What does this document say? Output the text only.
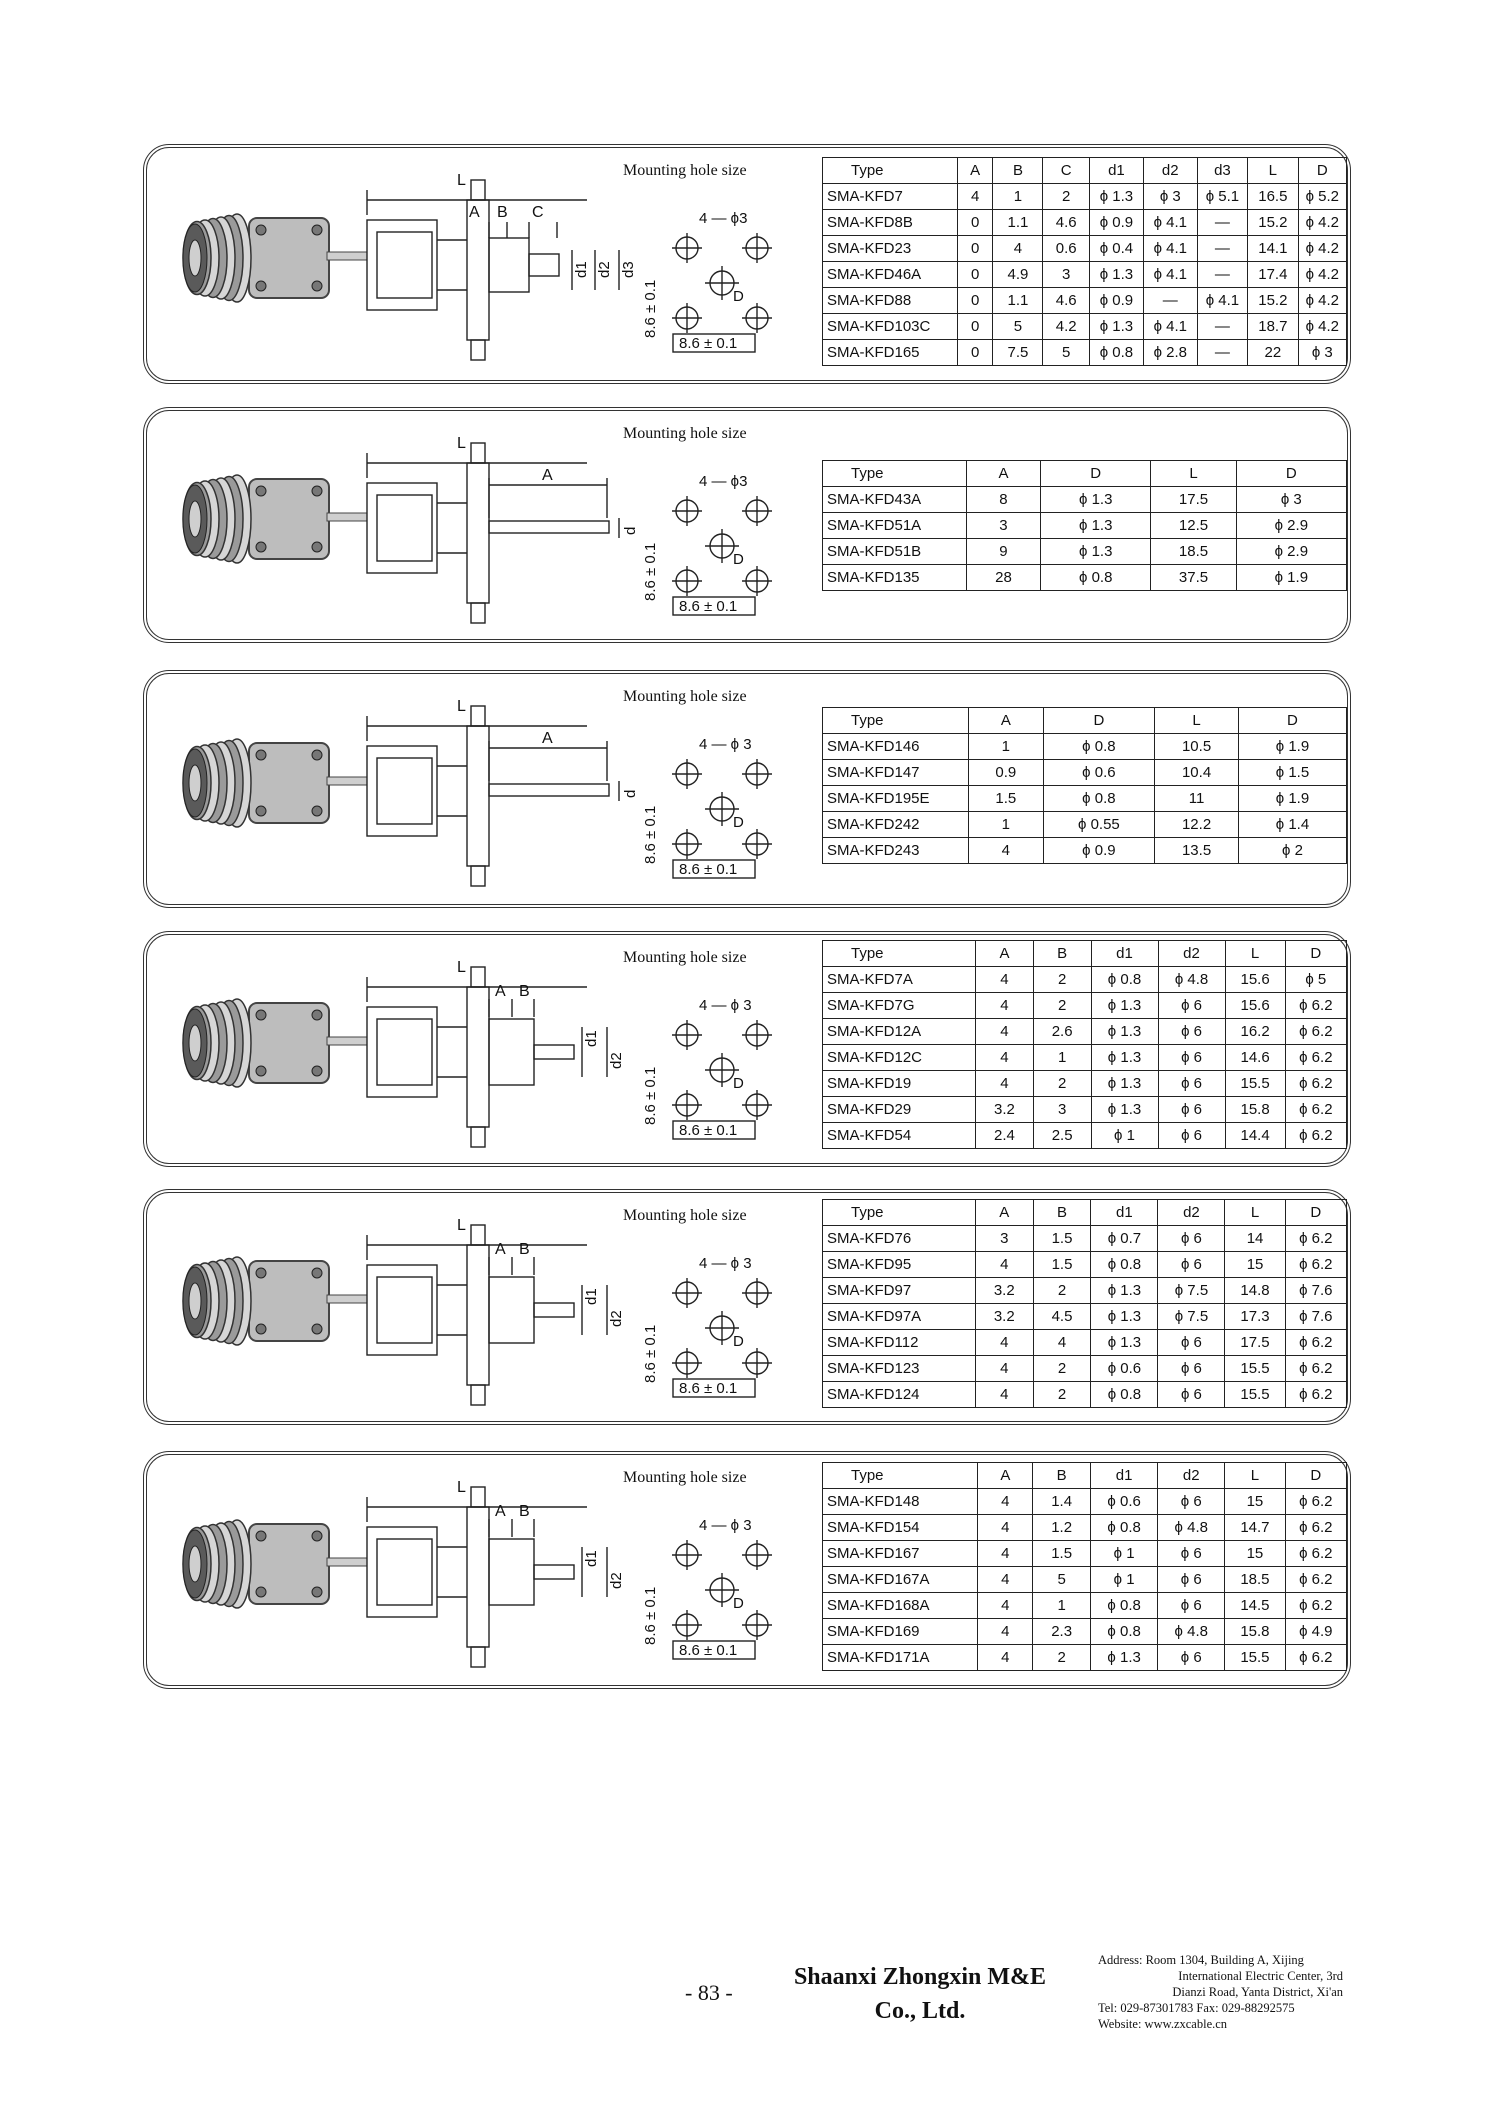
L
A B C
d1 d2 d3
Mounting hole size
4 — ϕ3
D
8.6 ± 0.1
8.6 ± 0.1
Type	A	B	C	d1	d2	d3	L	D
SMA-KFD7	4	1	2	ϕ 1.3	ϕ 3	ϕ 5.1	16.5	ϕ 5.2
SMA-KFD8B	0	1.1	4.6	ϕ 0.9	ϕ 4.1	—	15.2	ϕ 4.2
SMA-KFD23	0	4	0.6	ϕ 0.4	ϕ 4.1	—	14.1	ϕ 4.2
SMA-KFD46A	0	4.9	3	ϕ 1.3	ϕ 4.1	—	17.4	ϕ 4.2
SMA-KFD88	0	1.1	4.6	ϕ 0.9	—	ϕ 4.1	15.2	ϕ 4.2
SMA-KFD103C	0	5	4.2	ϕ 1.3	ϕ 4.1	—	18.7	ϕ 4.2
SMA-KFD165	0	7.5	5	ϕ 0.8	ϕ 2.8	—	22	ϕ 3
L
A
d
Mounting hole size
4 — ϕ3
D
8.6 ± 0.1
8.6 ± 0.1
Type	A	D	L	D
SMA-KFD43A	8	ϕ 1.3	17.5	ϕ 3
SMA-KFD51A	3	ϕ 1.3	12.5	ϕ 2.9
SMA-KFD51B	9	ϕ 1.3	18.5	ϕ 2.9
SMA-KFD135	28	ϕ 0.8	37.5	ϕ 1.9
L
A
d
Mounting hole size
4 — ϕ 3
D
8.6 ± 0.1
8.6 ± 0.1
Type	A	D	L	D
SMA-KFD146	1	ϕ 0.8	10.5	ϕ 1.9
SMA-KFD147	0.9	ϕ 0.6	10.4	ϕ 1.5
SMA-KFD195E	1.5	ϕ 0.8	11	ϕ 1.9
SMA-KFD242	1	ϕ 0.55	12.2	ϕ 1.4
SMA-KFD243	4	ϕ 0.9	13.5	ϕ 2
L
A B
d1
d2
Mounting hole size
4 — ϕ 3
D
8.6 ± 0.1
8.6 ± 0.1
Type	A	B	d1	d2	L	D
SMA-KFD7A	4	2	ϕ 0.8	ϕ 4.8	15.6	ϕ 5
SMA-KFD7G	4	2	ϕ 1.3	ϕ 6	15.6	ϕ 6.2
SMA-KFD12A	4	2.6	ϕ 1.3	ϕ 6	16.2	ϕ 6.2
SMA-KFD12C	4	1	ϕ 1.3	ϕ 6	14.6	ϕ 6.2
SMA-KFD19	4	2	ϕ 1.3	ϕ 6	15.5	ϕ 6.2
SMA-KFD29	3.2	3	ϕ 1.3	ϕ 6	15.8	ϕ 6.2
SMA-KFD54	2.4	2.5	ϕ 1	ϕ 6	14.4	ϕ 6.2
L
A B
d1
d2
Mounting hole size
4 — ϕ 3
D
8.6 ± 0.1
8.6 ± 0.1
Type	A	B	d1	d2	L	D
SMA-KFD76	3	1.5	ϕ 0.7	ϕ 6	14	ϕ 6.2
SMA-KFD95	4	1.5	ϕ 0.8	ϕ 6	15	ϕ 6.2
SMA-KFD97	3.2	2	ϕ 1.3	ϕ 7.5	14.8	ϕ 7.6
SMA-KFD97A	3.2	4.5	ϕ 1.3	ϕ 7.5	17.3	ϕ 7.6
SMA-KFD112	4	4	ϕ 1.3	ϕ 6	17.5	ϕ 6.2
SMA-KFD123	4	2	ϕ 0.6	ϕ 6	15.5	ϕ 6.2
SMA-KFD124	4	2	ϕ 0.8	ϕ 6	15.5	ϕ 6.2
L
A B
d1
d2
Mounting hole size
4 — ϕ 3
D
8.6 ± 0.1
8.6 ± 0.1
Type	A	B	d1	d2	L	D
SMA-KFD148	4	1.4	ϕ 0.6	ϕ 6	15	ϕ 6.2
SMA-KFD154	4	1.2	ϕ 0.8	ϕ 4.8	14.7	ϕ 6.2
SMA-KFD167	4	1.5	ϕ 1	ϕ 6	15	ϕ 6.2
SMA-KFD167A	4	5	ϕ 1	ϕ 6	18.5	ϕ 6.2
SMA-KFD168A	4	1	ϕ 0.8	ϕ 6	14.5	ϕ 6.2
SMA-KFD169	4	2.3	ϕ 0.8	ϕ 4.8	15.8	ϕ 4.9
SMA-KFD171A	4	2	ϕ 1.3	ϕ 6	15.5	ϕ 6.2
- 83 -
Shaanxi Zhongxin M&E
Co., Ltd.
Address: Room 1304, Building A, Xijing
International Electric Center, 3rd
Dianzi Road, Yanta District, Xi'an
Tel: 029-87301783 Fax: 029-88292575
Website: www.zxcable.cn
